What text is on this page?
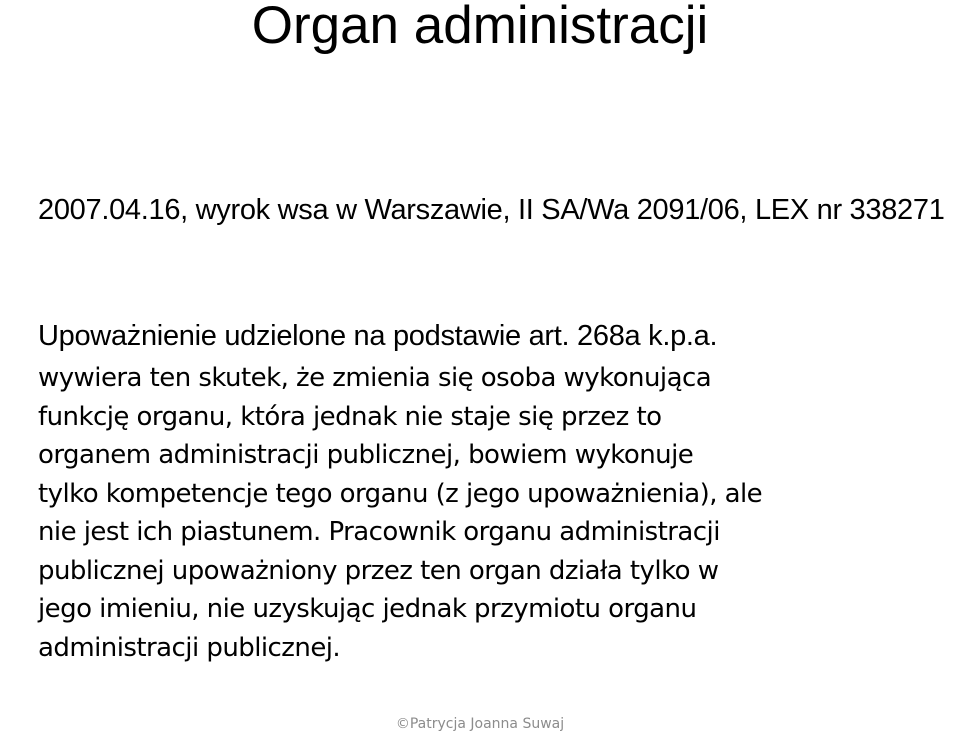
Organ administracji
2007.04.16, wyrok wsa w Warszawie, II SA/Wa 2091/06, LEX nr 338271
Upoważnienie udzielone na podstawie art. 268a k.p.a.
wywiera ten skutek, że zmienia się osoba wykonująca
funkcję organu, która jednak nie staje się przez to
organem administracji publicznej, bowiem wykonuje
tylko kompetencje tego organu (z jego upoważnienia), ale
nie jest ich piastunem. Pracownik organu administracji
publicznej upoważniony przez ten organ działa tylko w
jego imieniu, nie uzyskując jednak przymiotu organu
administracji publicznej.
©Patrycja Joanna Suwaj
